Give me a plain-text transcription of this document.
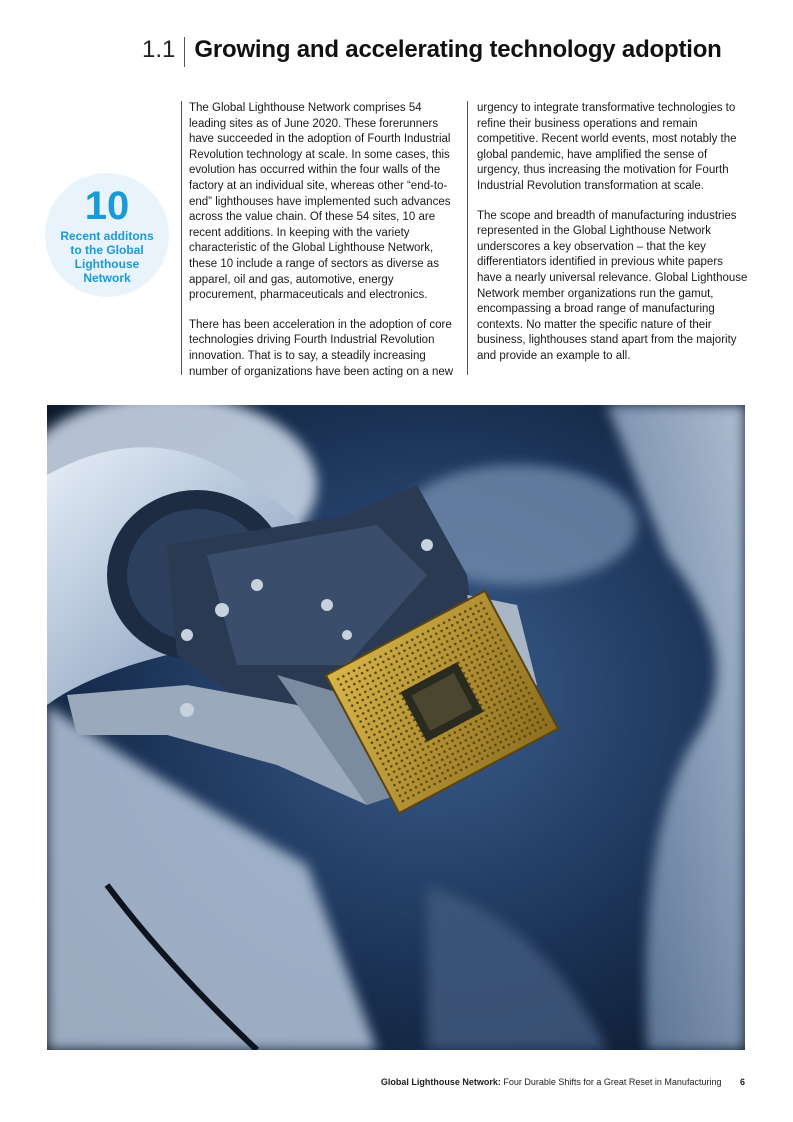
1.1 Growing and accelerating technology adoption
10
Recent additons to the Global Lighthouse Network

The Global Lighthouse Network comprises 54 leading sites as of June 2020. These forerunners have succeeded in the adoption of Fourth Industrial Revolution technology at scale. In some cases, this evolution has occurred within the four walls of the factory at an individual site, whereas other “end-to-end” lighthouses have implemented such advances across the value chain. Of these 54 sites, 10 are recent additions. In keeping with the variety characteristic of the Global Lighthouse Network, these 10 include a range of sectors as diverse as apparel, oil and gas, automotive, energy procurement, pharmaceuticals and electronics.

There has been acceleration in the adoption of core technologies driving Fourth Industrial Revolution innovation. That is to say, a steadily increasing number of organizations have been acting on a new

urgency to integrate transformative technologies to refine their business operations and remain competitive. Recent world events, most notably the global pandemic, have amplified the sense of urgency, thus increasing the motivation for Fourth Industrial Revolution transformation at scale.

The scope and breadth of manufacturing industries represented in the Global Lighthouse Network underscores a key observation – that the key differentiators identified in previous white papers have a nearly universal relevance. Global Lighthouse Network member organizations run the gamut, encompassing a broad range of manufacturing contexts. No matter the specific nature of their business, lighthouses stand apart from the majority and provide an example to all.

Global Lighthouse Network: Four Durable Shifts for a Great Reset in Manufacturing 6
